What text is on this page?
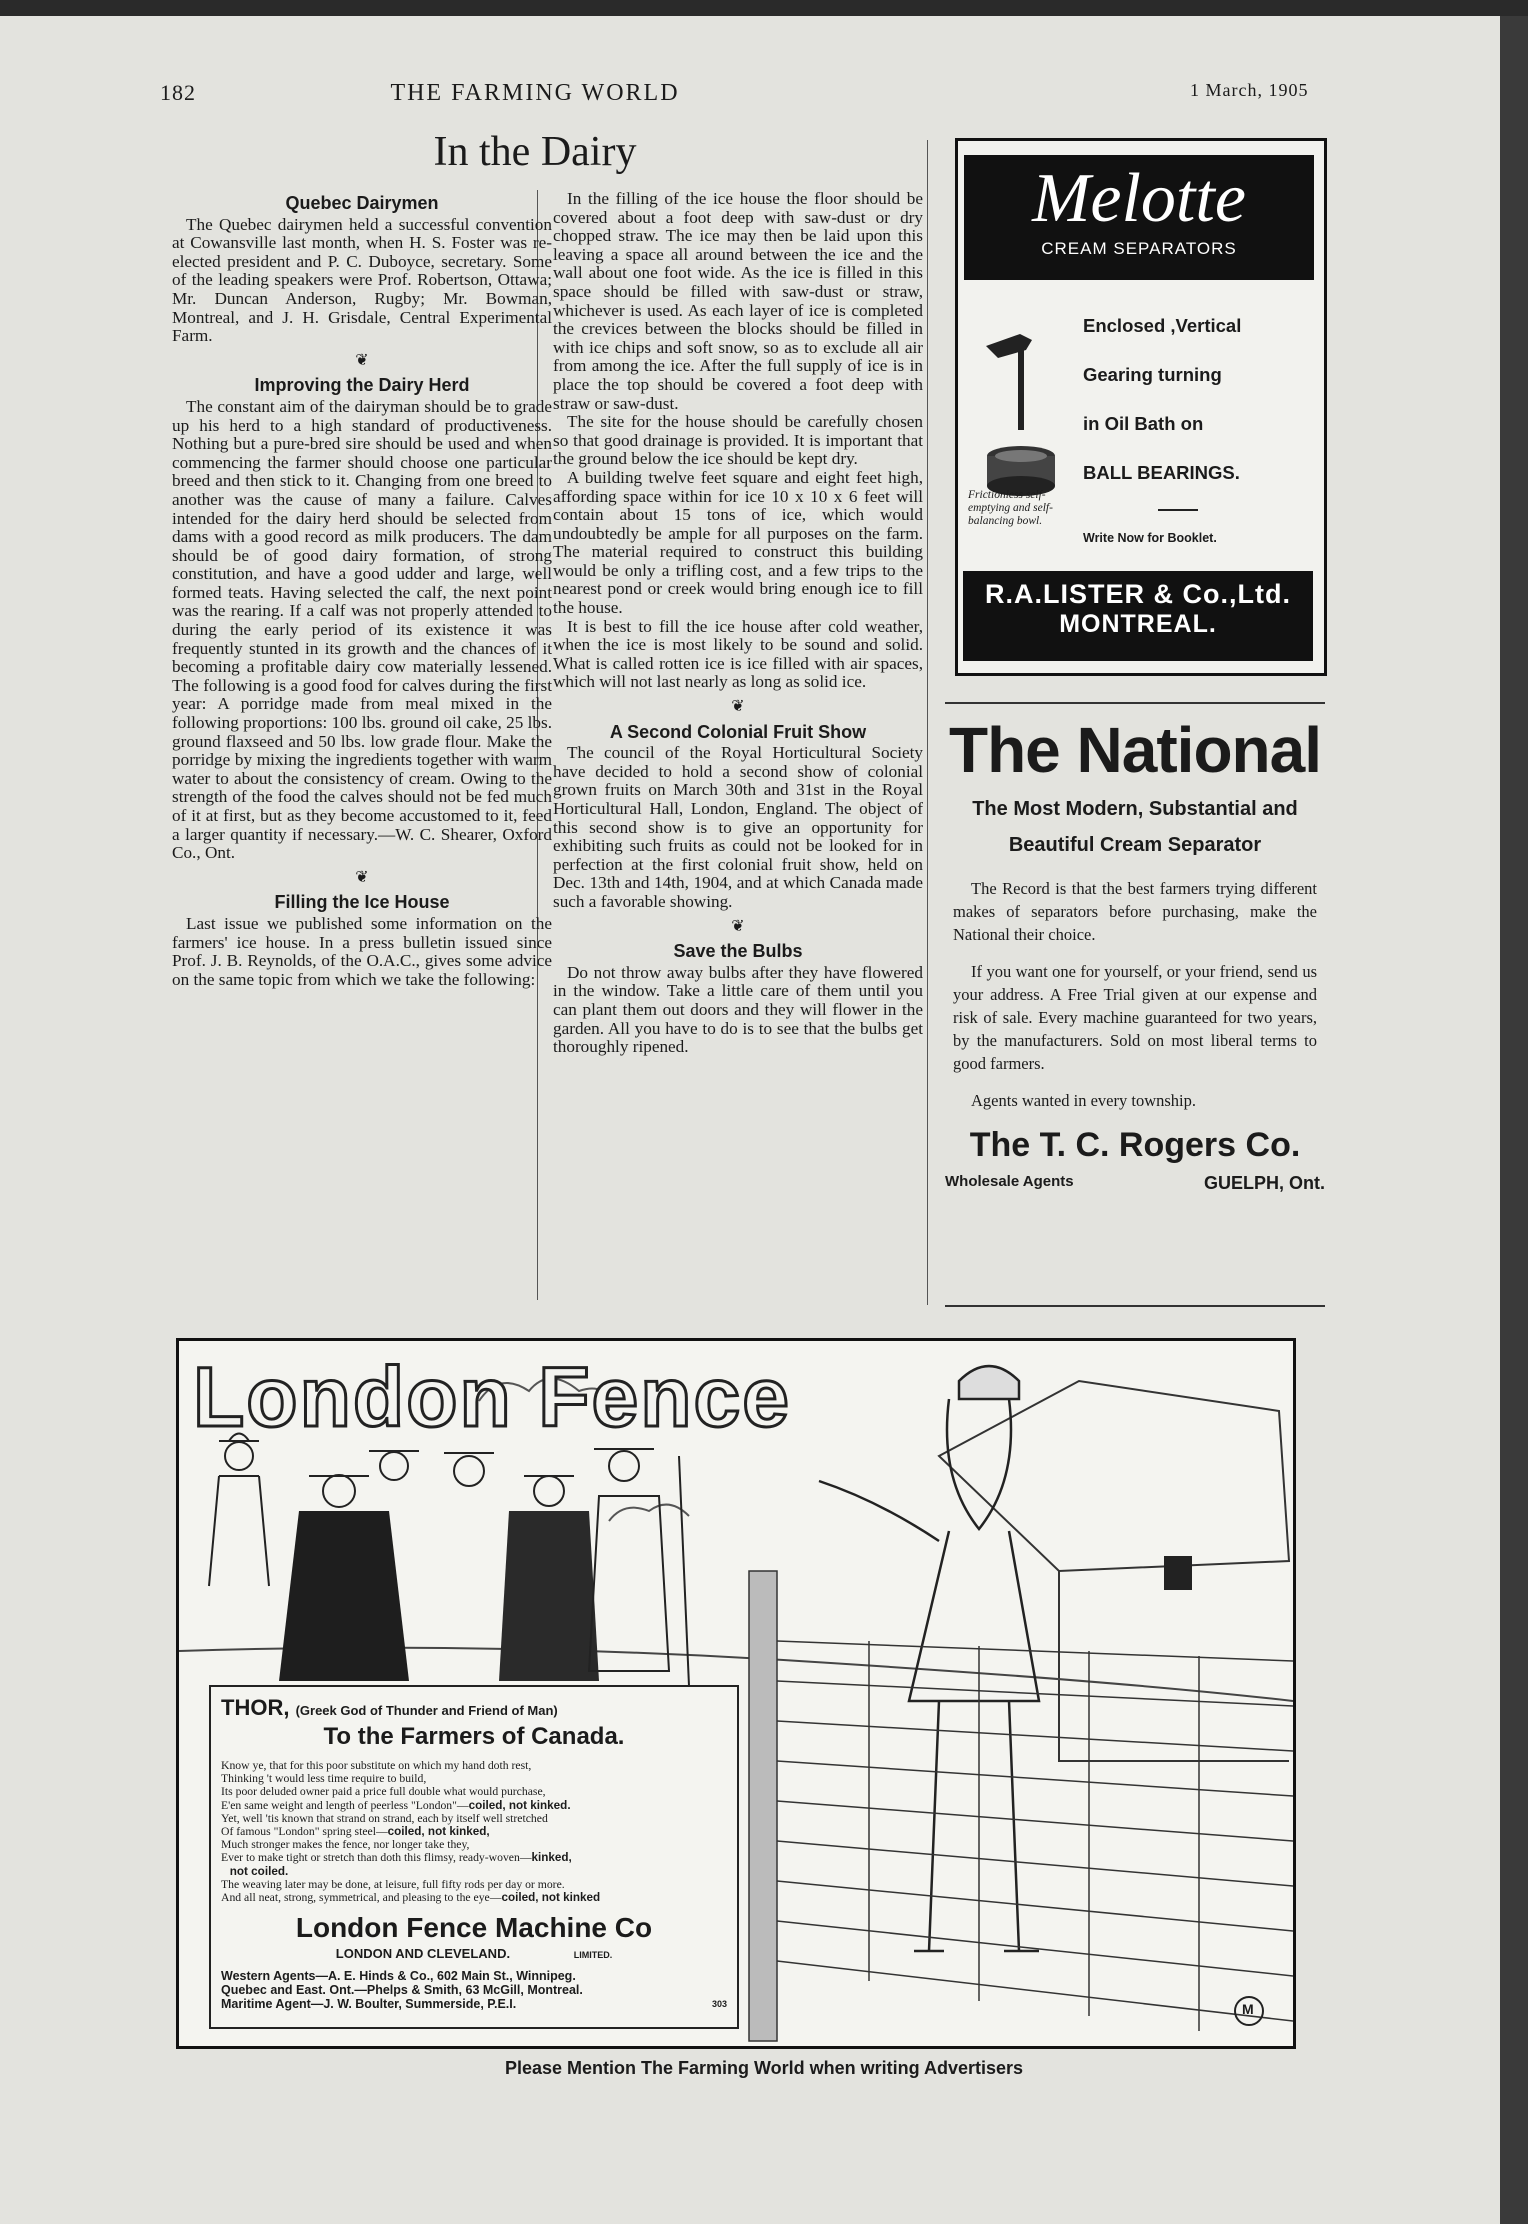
182	THE FARMING WORLD	1 March, 1905
In the Dairy
Quebec Dairymen

The Quebec dairymen held a successful convention at Cowansville last month, when H. S. Foster was re-elected president and P. C. Duboyce, secretary. Some of the leading speakers were Prof. Robertson, Ottawa; Mr. Duncan Anderson, Rugby; Mr. Bowman, Montreal, and J. H. Grisdale, Central Experimental Farm.

❦
Improving the Dairy Herd

The constant aim of the dairyman should be to grade up his herd to a high standard of productiveness. Nothing but a pure-bred sire should be used and when commencing the farmer should choose one particular breed and then stick to it. Changing from one breed to another was the cause of many a failure. Calves intended for the dairy herd should be selected from dams with a good record as milk producers. The dam should be of good dairy formation, of strong constitution, and have a good udder and large, well formed teats. Having selected the calf, the next point was the rearing. If a calf was not properly attended to during the early period of its existence it was frequently stunted in its growth and the chances of it becoming a profitable dairy cow materially lessened. The following is a good food for calves during the first year: A porridge made from meal mixed in the following proportions: 100 lbs. ground oil cake, 25 lbs. ground flaxseed and 50 lbs. low grade flour. Make the porridge by mixing the ingredients together with warm water to about the consistency of cream. Owing to the strength of the food the calves should not be fed much of it at first, but as they become accustomed to it, feed a larger quantity if necessary.—W. C. Shearer, Oxford Co., Ont.

❦
Filling the Ice House

Last issue we published some information on the farmers' ice house. In a press bulletin issued since Prof. J. B. Reynolds, of the O.A.C., gives some advice on the same topic from which we take the following:

In the filling of the ice house the floor should be covered about a foot deep with saw-dust or dry chopped straw. The ice may then be laid upon this leaving a space all around between the ice and the wall about one foot wide. As the ice is filled in this space should be filled with saw-dust or straw, whichever is used. As each layer of ice is completed the crevices between the blocks should be filled in with ice chips and soft snow, so as to exclude all air from among the ice. After the full supply of ice is in place the top should be covered a foot deep with straw or saw-dust.

The site for the house should be carefully chosen so that good drainage is provided. It is important that the ground below the ice should be kept dry.

A building twelve feet square and eight feet high, affording space within for ice 10 x 10 x 6 feet will contain about 15 tons of ice, which would undoubtedly be ample for all purposes on the farm. The material required to construct this building would be only a trifling cost, and a few trips to the nearest pond or creek would bring enough ice to fill the house.

It is best to fill the ice house after cold weather, when the ice is most likely to be sound and solid. What is called rotten ice is ice filled with air spaces, which will not last nearly as long as solid ice.

❦
A Second Colonial Fruit Show

The council of the Royal Horticultural Society have decided to hold a second show of colonial grown fruits on March 30th and 31st in the Royal Horticultural Hall, London, England. The object of this second show is to give an opportunity for exhibiting such fruits as could not be looked for in perfection at the first colonial fruit show, held on Dec. 13th and 14th, 1904, and at which Canada made such a favorable showing.

❦
Save the Bulbs

Do not throw away bulbs after they have flowered in the window. Take a little care of them until you can plant them out doors and they will flower in the garden. All you have to do is to see that the bulbs get thoroughly ripened.

Melotte
CREAM SEPARATORS
Enclosed ,Vertical
Gearing turning
in Oil Bath on
BALL BEARINGS.
Frictionless self-emptying and self-balancing bowl.
Write Now for Booklet.
R.A.LISTER & Co.,Ltd.
MONTREAL.
The National
The Most Modern, Substantial and Beautiful Cream Separator

The Record is that the best farmers trying different makes of separators before purchasing, make the National their choice.

If you want one for yourself, or your friend, send us your address. A Free Trial given at our expense and risk of sale. Every machine guaranteed for two years, by the manufacturers. Sold on most liberal terms to good farmers.

Agents wanted in every township.

The T. C. Rogers Co.
Wholesale Agents	GUELPH, Ont.
London Fence
M
THOR, (Greek God of Thunder and Friend of Man)
To the Farmers of Canada.
Know ye, that for this poor substitute on which my hand doth rest,
Thinking 't would less time require to build,
Its poor deluded owner paid a price full double what would purchase,
E'en same weight and length of peerless "London"—coiled, not kinked.
Yet, well 'tis known that strand on strand, each by itself well stretched
Of famous "London" spring steel—coiled, not kinked,
Much stronger makes the fence, nor longer take they,
Ever to make tight or stretch than doth this flimsy, ready-woven—kinked,
not coiled.
The weaving later may be done, at leisure, full fifty rods per day or more.
And all neat, strong, symmetrical, and pleasing to the eye—coiled, not kinked
London Fence Machine Co
LONDON AND CLEVELAND.	LIMITED.
Western Agents—A. E. Hinds & Co., 602 Main St., Winnipeg.
Quebec and East. Ont.—Phelps & Smith, 63 McGill, Montreal.
Maritime Agent—J. W. Boulter, Summerside, P.E.I.	303
Please Mention The Farming World when writing Advertisers
